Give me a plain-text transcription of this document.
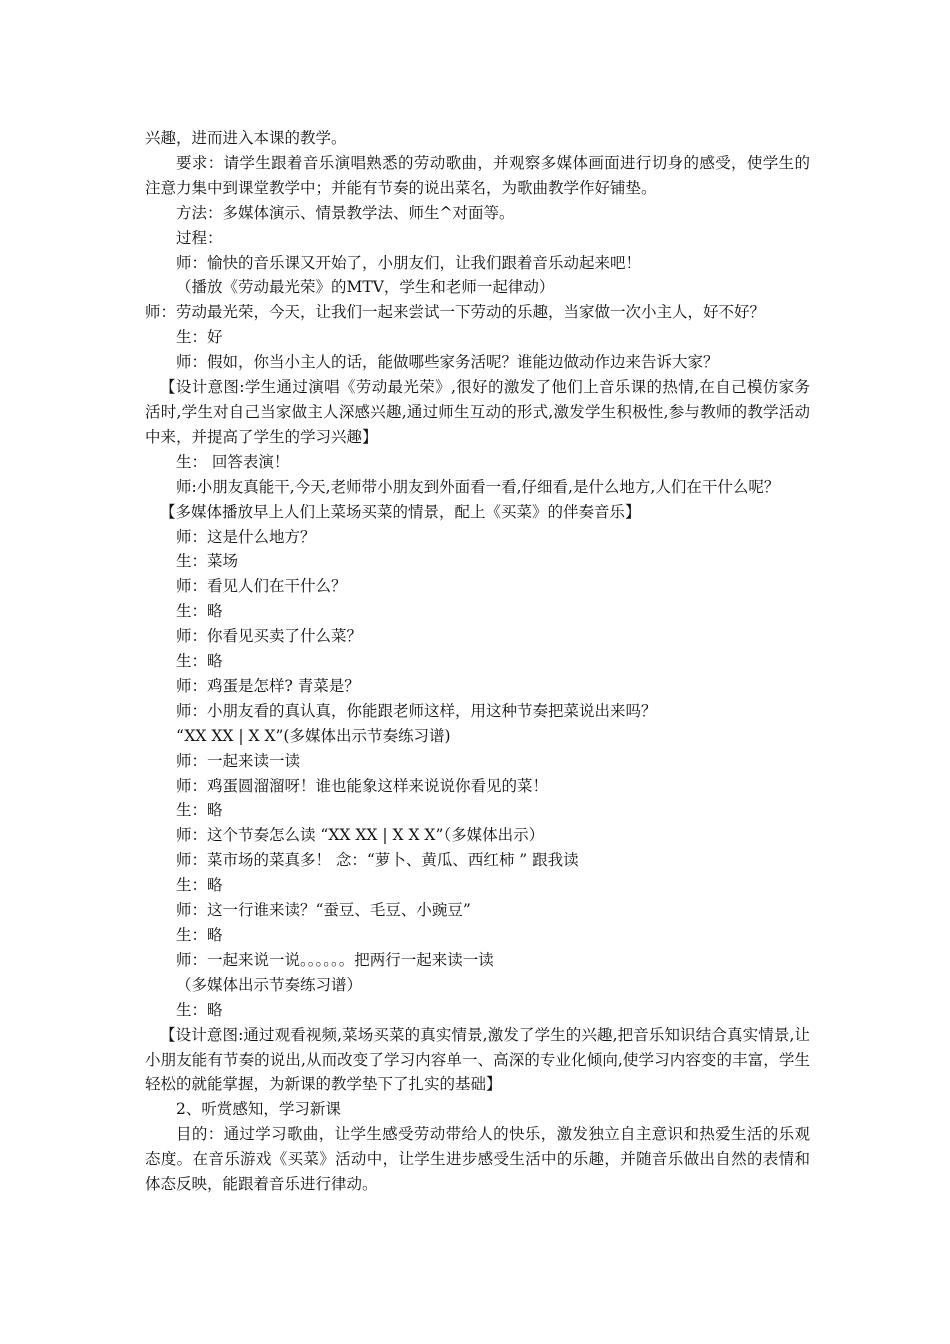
兴趣，进而进入本课的教学。

要求：请学生跟着音乐演唱熟悉的劳动歌曲，并观察多媒体画面进行切身的感受，使学生的注意力集中到课堂教学中；并能有节奏的说出菜名，为歌曲教学作好铺垫。

方法：多媒体演示、情景教学法、师生^对面等。

过程：

师：愉快的音乐课又开始了，小朋友们，让我们跟着音乐动起来吧！

（播放《劳动最光荣》的MTV，学生和老师一起律动）

师：劳动最光荣，今天，让我们一起来尝试一下劳动的乐趣，当家做一次小主人，好不好？

生：好

师：假如，你当小主人的话，能做哪些家务活呢？谁能边做动作边来告诉大家？

【设计意图:学生通过演唱《劳动最光荣》,很好的激发了他们上音乐课的热情,在自己模仿家务活时,学生对自己当家做主人深感兴趣,通过师生互动的形式,激发学生积极性,参与教师的教学活动中来，并提高了学生的学习兴趣】

生： 回答表演！

师:小朋友真能干,今天,老师带小朋友到外面看一看,仔细看,是什么地方,人们在干什么呢？

【多媒体播放早上人们上菜场买菜的情景，配上《买菜》的伴奏音乐】

师：这是什么地方？

生：菜场

师：看见人们在干什么？

生：略

师：你看见买卖了什么菜？

生：略

师：鸡蛋是怎样? 青菜是？

师：小朋友看的真认真，你能跟老师这样，用这种节奏把菜说出来吗？

“XX XX | X X”(多媒体出示节奏练习谱)

师：一起来读一读

师：鸡蛋圆溜溜呀！谁也能象这样来说说你看见的菜！

生：略

师：这个节奏怎么读 “XX XX | X X X”（多媒体出示）

师：菜市场的菜真多！ 念：“萝卜、黄瓜、西红柿 ” 跟我读

生：略

师：这一行谁来读？“蚕豆、毛豆、小豌豆”

生：略

师：一起来说一说。。。。。。把两行一起来读一读

（多媒体出示节奏练习谱）

生：略

【设计意图:通过观看视频,菜场买菜的真实情景,激发了学生的兴趣,把音乐知识结合真实情景,让小朋友能有节奏的说出,从而改变了学习内容单一、高深的专业化倾向,使学习内容变的丰富，学生轻松的就能掌握，为新课的教学垫下了扎实的基础】

2、听赏感知，学习新课

目的：通过学习歌曲，让学生感受劳动带给人的快乐，激发独立自主意识和热爱生活的乐观态度。在音乐游戏《买菜》活动中，让学生进步感受生活中的乐趣，并随音乐做出自然的表情和体态反映，能跟着音乐进行律动。
